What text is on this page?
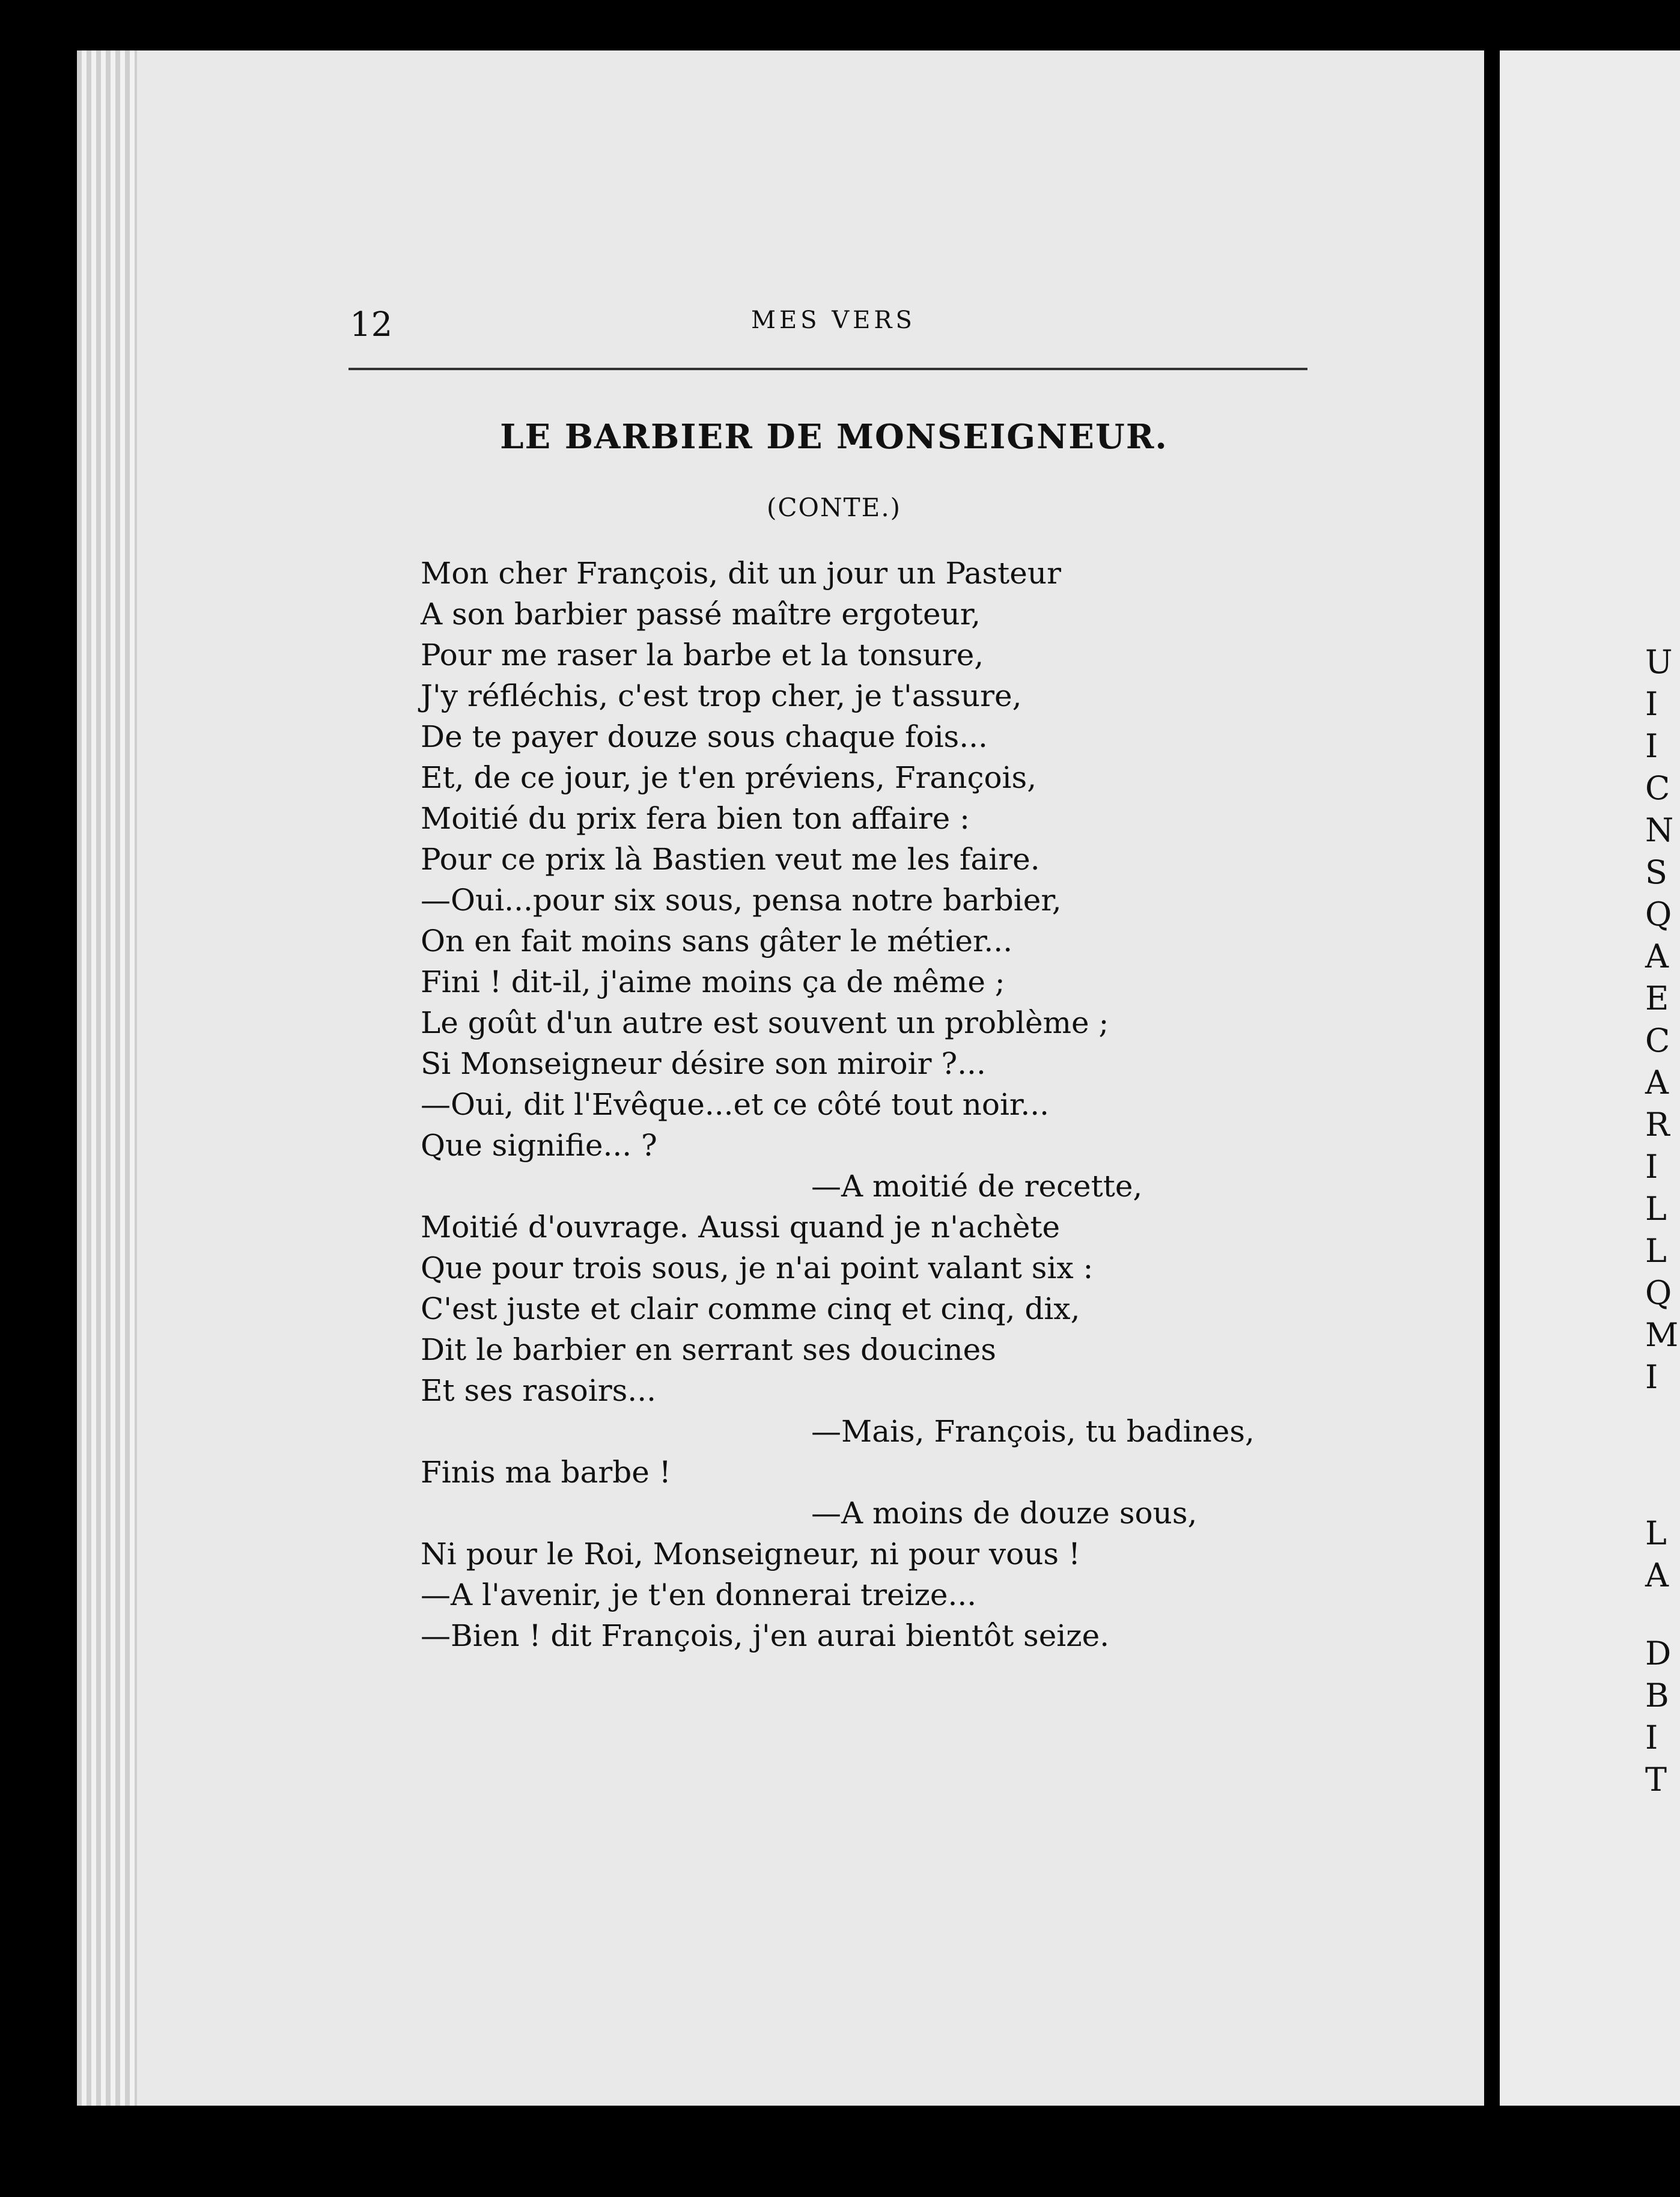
12	MES VERS
LE BARBIER DE MONSEIGNEUR.
(CONTE.)
Mon cher François, dit un jour un Pasteur
A son barbier passé maître ergoteur,
Pour me raser la barbe et la tonsure,
J'y réfléchis, c'est trop cher, je t'assure,
De te payer douze sous chaque fois...
Et, de ce jour, je t'en préviens, François,
Moitié du prix fera bien ton affaire :
Pour ce prix là Bastien veut me les faire.
—Oui...pour six sous, pensa notre barbier,
On en fait moins sans gâter le métier...
Fini ! dit-il, j'aime moins ça de même ;
Le goût d'un autre est souvent un problème ;
Si Monseigneur désire son miroir ?...
—Oui, dit l'Evêque...et ce côté tout noir...
Que signifie... ?
—A moitié de recette,
Moitié d'ouvrage. Aussi quand je n'achète
Que pour trois sous, je n'ai point valant six :
C'est juste et clair comme cinq et cinq, dix,
Dit le barbier en serrant ses doucines
Et ses rasoirs...
—Mais, François, tu badines,
Finis ma barbe !
—A moins de douze sous,
Ni pour le Roi, Monseigneur, ni pour vous !
—A l'avenir, je t'en donnerai treize...
—Bien ! dit François, j'en aurai bientôt seize.
U
I
I
C
N
S
Q
A
E
C
A
R
I
L
L
Q
M
I
L
A
D
B
I
T
